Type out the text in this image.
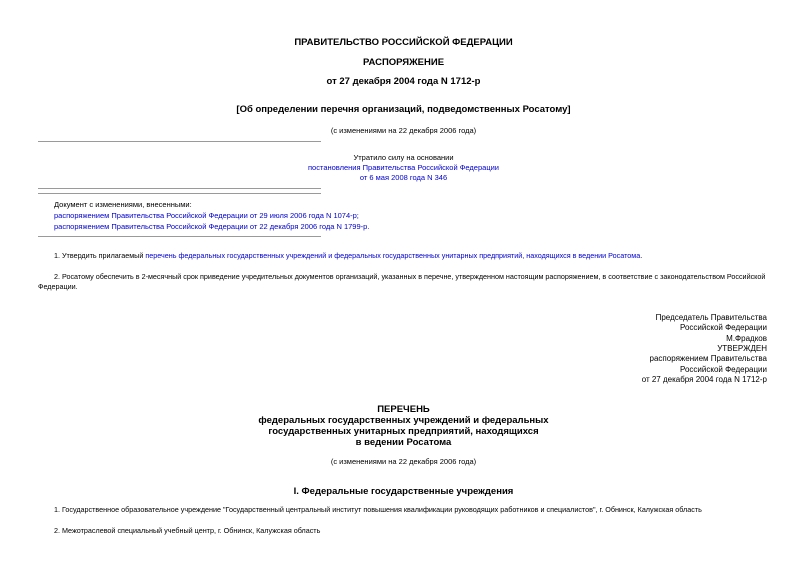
ПРАВИТЕЛЬСТВО РОССИЙСКОЙ ФЕДЕРАЦИИ
РАСПОРЯЖЕНИЕ
от 27 декабря 2004 года N 1712-р
[Об определении перечня организаций, подведомственных Росатому]
(с изменениями на 22 декабря 2006 года)
Утратило силу на основании
постановления Правительства Российской Федерации
от 6 мая 2008 года N 346
Документ с изменениями, внесенными:
распоряжением Правительства Российской Федерации от 29 июля 2006 года N 1074-р;
распоряжением Правительства Российской Федерации от 22 декабря 2006 года N 1799-р.
1. Утвердить прилагаемый перечень федеральных государственных учреждений и федеральных государственных унитарных предприятий, находящихся в ведении Росатома.
2. Росатому обеспечить в 2-месячный срок приведение учредительных документов организаций, указанных в перечне, утвержденном настоящим распоряжением, в соответствие с законодательством Российской
Федерации.
Председатель Правительства
Российской Федерации
М.Фрадков
УТВЕРЖДЕН
распоряжением Правительства
Российской Федерации
от 27 декабря 2004 года N 1712-р
ПЕРЕЧЕНЬ
федеральных государственных учреждений и федеральных
государственных унитарных предприятий, находящихся
в ведении Росатома
(с изменениями на 22 декабря 2006 года)
I. Федеральные государственные учреждения
1. Государственное образовательное учреждение "Государственный центральный институт повышения квалификации руководящих работников и специалистов", г. Обнинск, Калужская область
2. Межотраслевой специальный учебный центр, г. Обнинск, Калужская область
